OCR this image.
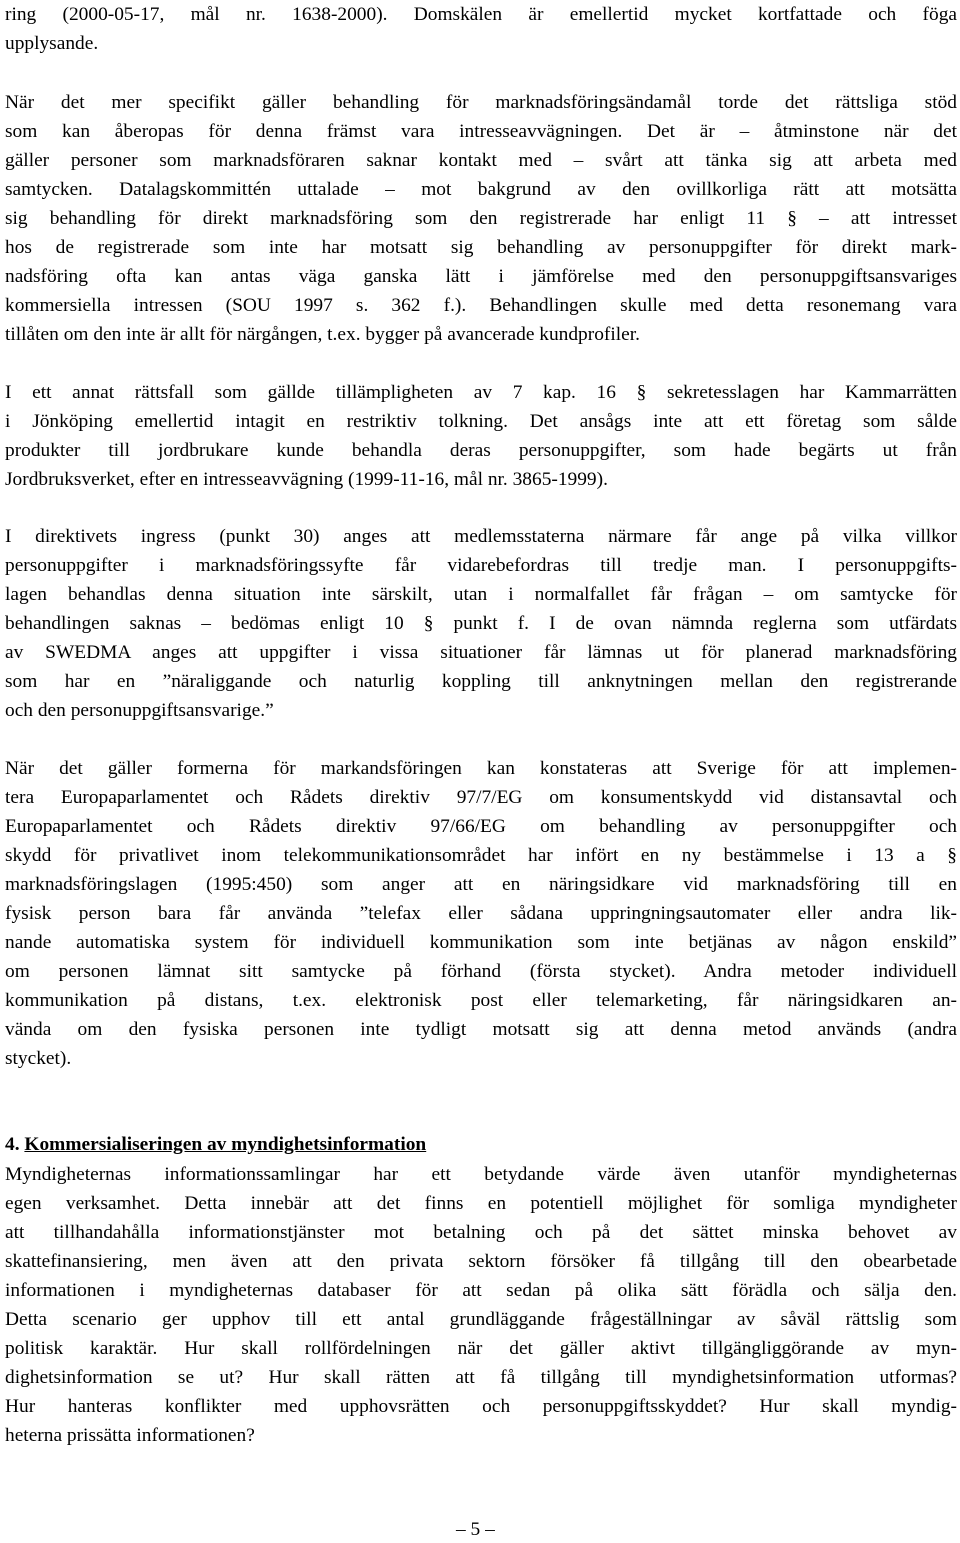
ring (2000-05-17, mål nr. 1638-2000). Domskälen är emellertid mycket kortfattade och föga
upplysande.
När det mer specifikt gäller behandling för marknadsföringsändamål torde det rättsliga stöd
som kan åberopas för denna främst vara intresseavvägningen. Det är – åtminstone när det
gäller personer som marknadsföraren saknar kontakt med – svårt att tänka sig att arbeta med
samtycken. Datalagskommittén uttalade – mot bakgrund av den ovillkorliga rätt att motsätta
sig behandling för direkt marknadsföring som den registrerade har enligt 11 § – att intresset
hos de registrerade som inte har motsatt sig behandling av personuppgifter för direkt mark-
nadsföring ofta kan antas väga ganska lätt i jämförelse med den personuppgiftsansvariges
kommersiella intressen (SOU 1997 s. 362 f.). Behandlingen skulle med detta resonemang vara
tillåten om den inte är allt för närgången, t.ex. bygger på avancerade kundprofiler.
I ett annat rättsfall som gällde tillämpligheten av 7 kap. 16 § sekretesslagen har Kammarrätten
i Jönköping emellertid intagit en restriktiv tolkning. Det ansågs inte att ett företag som sålde
produkter till jordbrukare kunde behandla deras personuppgifter, som hade begärts ut från
Jordbruksverket, efter en intresseavvägning (1999-11-16, mål nr. 3865-1999).
I direktivets ingress (punkt 30) anges att medlemsstaterna närmare får ange på vilka villkor
personuppgifter i marknadsföringssyfte får vidarebefordras till tredje man. I personuppgifts-
lagen behandlas denna situation inte särskilt, utan i normalfallet får frågan – om samtycke för
behandlingen saknas – bedömas enligt 10 § punkt f. I de ovan nämnda reglerna som utfärdats
av SWEDMA anges att uppgifter i vissa situationer får lämnas ut för planerad marknadsföring
som har en ”näraliggande och naturlig koppling till anknytningen mellan den registrerande
och den personuppgiftsansvarige.”
När det gäller formerna för markandsföringen kan konstateras att Sverige för att implemen-
tera Europaparlamentet och Rådets direktiv 97/7/EG om konsumentskydd vid distansavtal och
Europaparlamentet och Rådets direktiv 97/66/EG om behandling av personuppgifter och
skydd för privatlivet inom telekommunikationsområdet har infört en ny bestämmelse i 13 a §
marknadsföringslagen (1995:450) som anger att en näringsidkare vid marknadsföring till en
fysisk person bara får använda ”telefax eller sådana uppringningsautomater eller andra lik-
nande automatiska system för individuell kommunikation som inte betjänas av någon enskild”
om personen lämnat sitt samtycke på förhand (första stycket). Andra metoder individuell
kommunikation på distans, t.ex. elektronisk post eller telemarketing, får näringsidkaren an-
vända om den fysiska personen inte tydligt motsatt sig att denna metod används (andra
stycket).
4. Kommersialiseringen av myndighetsinformation
Myndigheternas informationssamlingar har ett betydande värde även utanför myndigheternas
egen verksamhet. Detta innebär att det finns en potentiell möjlighet för somliga myndigheter
att tillhandahålla informationstjänster mot betalning och på det sättet minska behovet av
skattefinansiering, men även att den privata sektorn försöker få tillgång till den obearbetade
informationen i myndigheternas databaser för att sedan på olika sätt förädla och sälja den.
Detta scenario ger upphov till ett antal grundläggande frågeställningar av såväl rättslig som
politisk karaktär. Hur skall rollfördelningen när det gäller aktivt tillgängliggörande av myn-
dighetsinformation se ut? Hur skall rätten att få tillgång till myndighetsinformation utformas?
Hur hanteras konflikter med upphovsrätten och personuppgiftsskyddet? Hur skall myndig-
heterna prissätta informationen?
– 5 –
